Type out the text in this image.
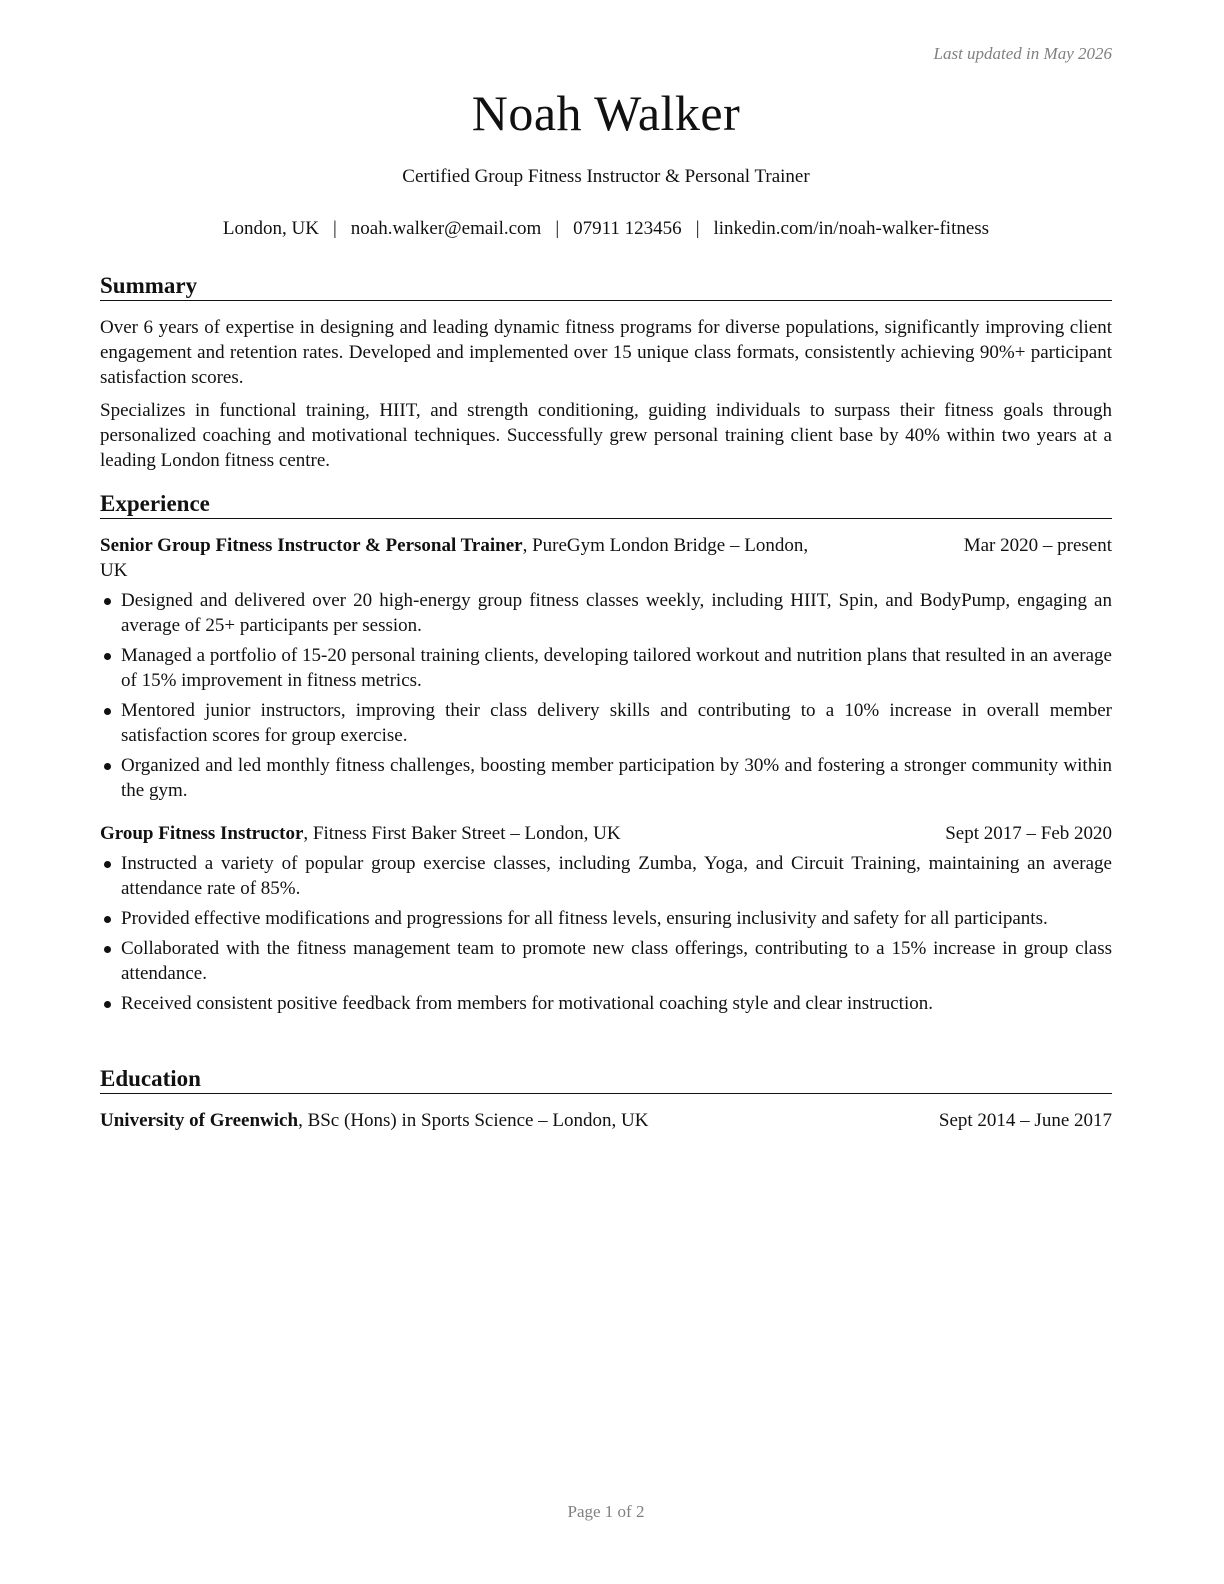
Last updated in May 2026
Noah Walker
Certified Group Fitness Instructor & Personal Trainer
London, UK | noah.walker@email.com | 07911 123456 | linkedin.com/in/noah-walker-fitness
Summary

Over 6 years of expertise in designing and leading dynamic fitness programs for diverse populations, significantly improving client engagement and retention rates. Developed and implemented over 15 unique class formats, consistently achieving 90%+ participant satisfaction scores.

Specializes in functional training, HIIT, and strength conditioning, guiding individuals to surpass their fitness goals through personalized coaching and motivational techniques. Successfully grew personal training client base by 40% within two years at a leading London fitness centre.

Experience
Senior Group Fitness Instructor & Personal Trainer, PureGym London Bridge – London,
UK
Mar 2020 – present
Designed and delivered over 20 high-energy group fitness classes weekly, including HIIT, Spin, and BodyPump, engaging an average of 25+ participants per session.
Managed a portfolio of 15-20 personal training clients, developing tailored workout and nutrition plans that resulted in an average of 15% improvement in fitness metrics.
Mentored junior instructors, improving their class delivery skills and contributing to a 10% increase in overall member satisfaction scores for group exercise.
Organized and led monthly fitness challenges, boosting member participation by 30% and fostering a stronger community within the gym.
Group Fitness Instructor, Fitness First Baker Street – London, UK	Sept 2017 – Feb 2020
Instructed a variety of popular group exercise classes, including Zumba, Yoga, and Circuit Training, maintaining an average attendance rate of 85%.
Provided effective modifications and progressions for all fitness levels, ensuring inclusivity and safety for all participants.
Collaborated with the fitness management team to promote new class offerings, contributing to a 15% increase in group class attendance.
Received consistent positive feedback from members for motivational coaching style and clear instruction.
Education
University of Greenwich, BSc (Hons) in Sports Science – London, UK	Sept 2014 – June 2017
Page 1 of 2
